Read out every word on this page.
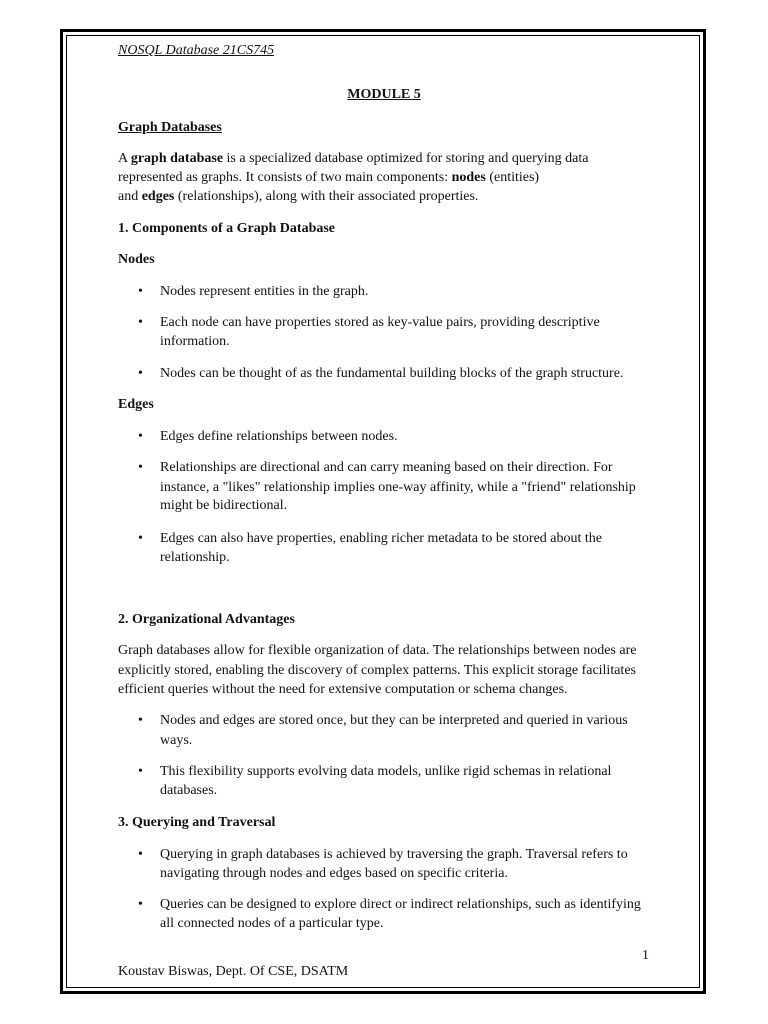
NOSQL Database 21CS745
MODULE 5
Graph Databases
A graph database is a specialized database optimized for storing and querying data
represented as graphs. It consists of two main components: nodes (entities)
and edges (relationships), along with their associated properties.
1. Components of a Graph Database
Nodes
• Nodes represent entities in the graph.
• Each node can have properties stored as key-value pairs, providing descriptive
information.
• Nodes can be thought of as the fundamental building blocks of the graph structure.
Edges
• Edges define relationships between nodes.
• Relationships are directional and can carry meaning based on their direction. For
instance, a "likes" relationship implies one-way affinity, while a "friend" relationship
might be bidirectional.
• Edges can also have properties, enabling richer metadata to be stored about the
relationship.
2. Organizational Advantages
Graph databases allow for flexible organization of data. The relationships between nodes are
explicitly stored, enabling the discovery of complex patterns. This explicit storage facilitates
efficient queries without the need for extensive computation or schema changes.
• Nodes and edges are stored once, but they can be interpreted and queried in various
ways.
• This flexibility supports evolving data models, unlike rigid schemas in relational
databases.
3. Querying and Traversal
• Querying in graph databases is achieved by traversing the graph. Traversal refers to
navigating through nodes and edges based on specific criteria.
• Queries can be designed to explore direct or indirect relationships, such as identifying
all connected nodes of a particular type.
1
Koustav Biswas, Dept. Of CSE, DSATM
